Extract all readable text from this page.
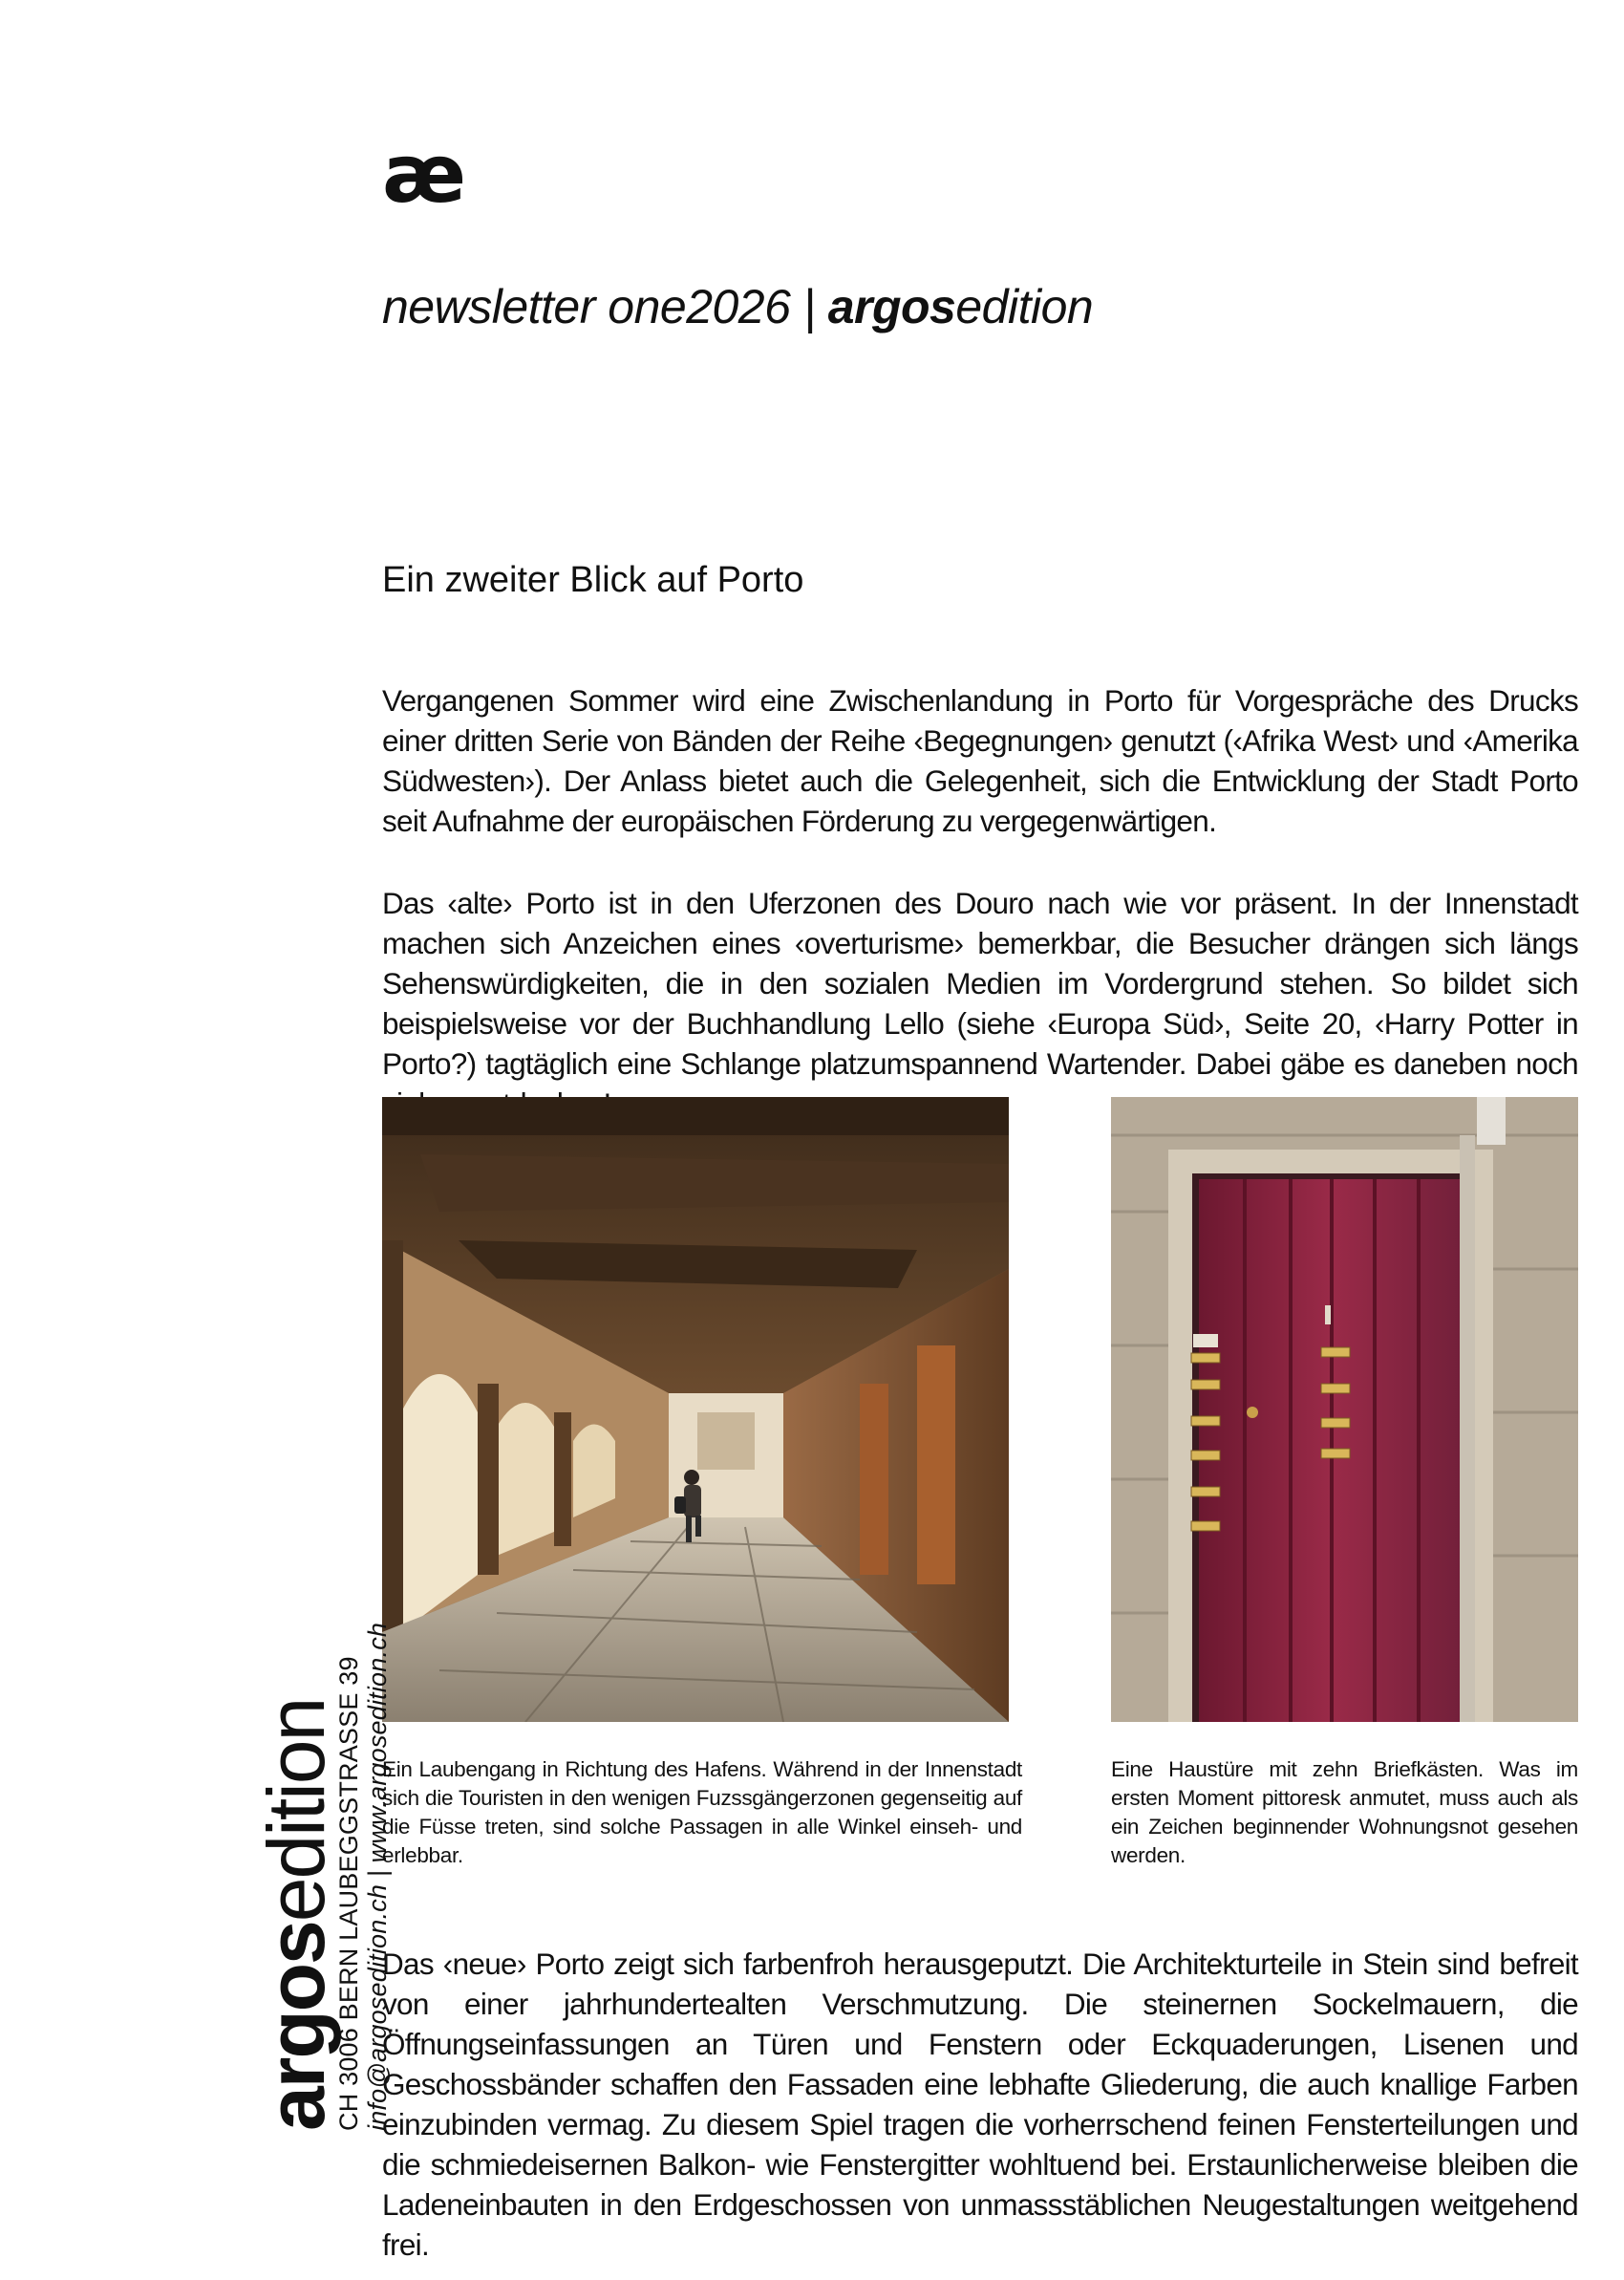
æ
newsletter one2026 | argosedition
Ein zweiter Blick auf Porto

Vergangenen Sommer wird eine Zwischenlandung in Porto für Vorgespräche des Drucks einer dritten Serie von Bänden der Reihe ‹Begegnungen› genutzt (‹Afrika West› und ‹Amerika Südwesten›). Der Anlass bietet auch die Gelegenheit, sich die Entwicklung der Stadt Porto seit Aufnahme der europäischen Förderung zu vergegenwärtigen.

Das ‹alte› Porto ist in den Uferzonen des Douro nach wie vor präsent. In der Innenstadt machen sich Anzeichen eines ‹overturisme› bemerkbar, die Besucher drängen sich längs Sehenswürdigkeiten, die in den sozialen Medien im Vordergrund stehen. So bildet sich beispielsweise vor der Buchhandlung Lello (siehe ‹Europa Süd›, Seite 20, ‹Harry Potter in Porto?) tagtäglich eine Schlange platzumspannend Wartender. Dabei gäbe es daneben noch

Ein Laubengang in Richtung des Hafens. Während in der Innenstadt sich die Touristen in den wenigen Fuzssgängerzonen gegenseitig auf die Füsse treten, sind solche Passagen in alle Winkel einseh- und erlebbar.
Eine Haustüre mit zehn Briefkästen. Was im ersten Moment pittoresk anmutet, muss auch als ein Zeichen beginnender Wohnungsnot gesehen werden.

Das ‹neue› Porto zeigt sich farbenfroh herausgeputzt. Die Architekturteile in Stein sind befreit von einer jahrhundertealten Verschmutzung. Die steinernen Sockelmauern, die Öffnungseinfassungen an Türen und Fenstern oder Eckquaderungen, Lisenen und Geschossbänder schaffen den Fassaden eine lebhafte Gliederung, die auch knallige Farben einzubinden vermag. Zu diesem Spiel tragen die vorherrschend feinen Fensterteilungen und die schmiedeisernen Balkon- wie Fenstergitter wohltuend bei. Erstaunlicherweise bleiben die Ladeneinbauten in den Erdgeschossen von unmassstäblichen Neugestaltungen weitgehend frei.

argosedition
CH 3006 BERN LAUBEGGSTRASSE 39 info@argosedition.ch | www.argosedition.ch
